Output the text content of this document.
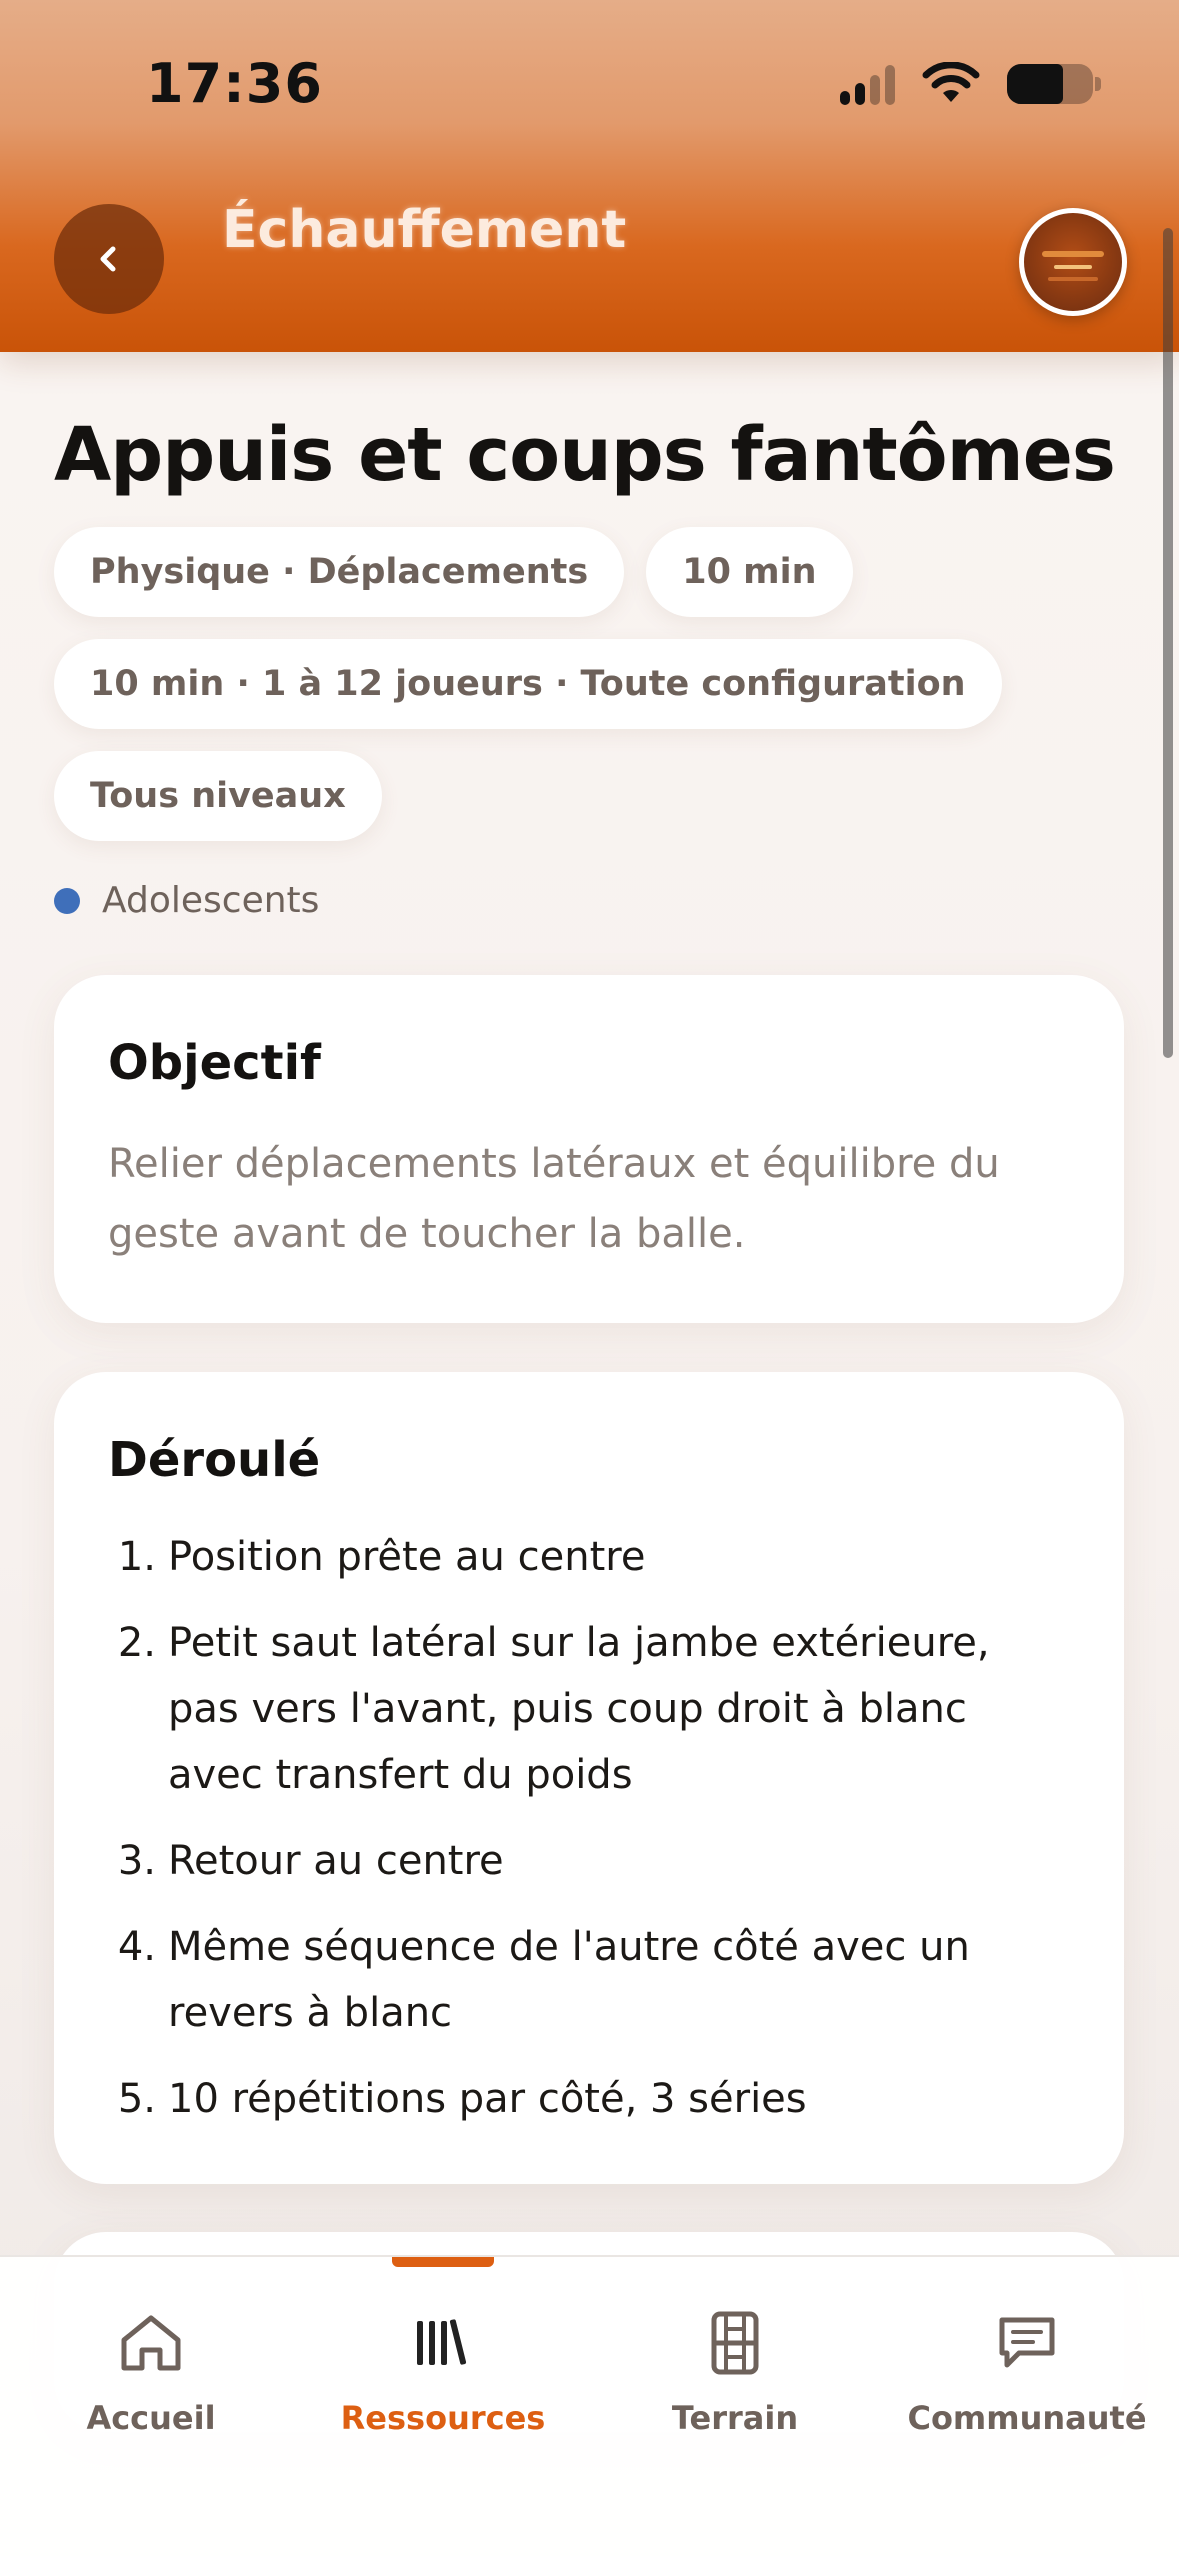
17:36
Échauffement
Appuis et coups fantômes
Physique · Déplacements	10 min
10 min · 1 à 12 joueurs · Toute configuration
Tous niveaux
Adolescents
Objectif

Relier déplacements latéraux et équilibre du geste avant de toucher la balle.

Déroulé
1. Position prête au centre
2. Petit saut latéral sur la jambe extérieure, pas vers l'avant, puis coup droit à blanc avec transfert du poids
3. Retour au centre
4. Même séquence de l'autre côté avec un revers à blanc
5. 10 répétitions par côté, 3 séries
Accueil	Ressources	Terrain	Communauté
